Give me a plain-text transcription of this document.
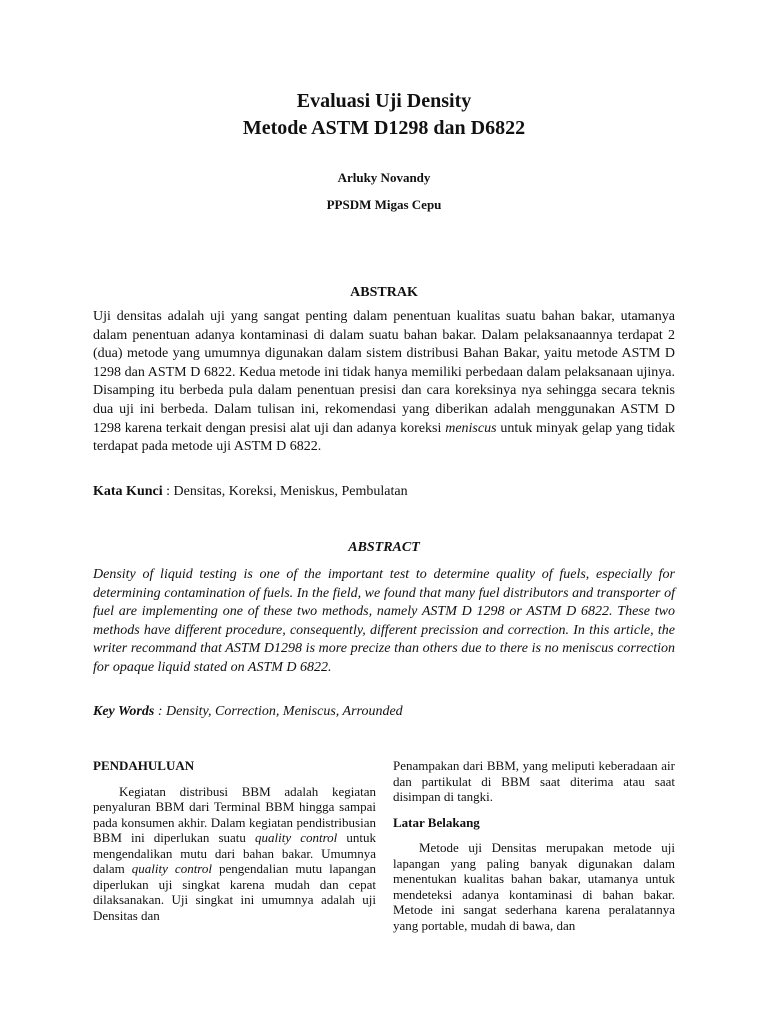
Evaluasi Uji Density
Metode ASTM D1298 dan D6822
Arluky Novandy
PPSDM Migas Cepu
ABSTRAK

Uji densitas adalah uji yang sangat penting dalam penentuan kualitas suatu bahan bakar, utamanya dalam penentuan adanya kontaminasi di dalam suatu bahan bakar. Dalam pelaksanaannya terdapat 2 (dua) metode yang umumnya digunakan dalam sistem distribusi Bahan Bakar, yaitu metode ASTM D 1298 dan ASTM D 6822. Kedua metode ini tidak hanya memiliki perbedaan dalam pelaksanaan ujinya. Disamping itu berbeda pula dalam penentuan presisi dan cara koreksinya nya sehingga secara teknis dua uji ini berbeda. Dalam tulisan ini, rekomendasi yang diberikan adalah menggunakan ASTM D 1298 karena terkait dengan presisi alat uji dan adanya koreksi meniscus untuk minyak gelap yang tidak terdapat pada metode uji ASTM D 6822.

Kata Kunci : Densitas, Koreksi, Meniskus, Pembulatan

ABSTRACT

Density of liquid testing is one of the important test to determine quality of fuels, especially for determining contamination of fuels. In the field, we found that many fuel distributors and transporter of fuel are implementing one of these two methods, namely ASTM D 1298 or ASTM D 6822. These two methods have different procedure, consequently, different precission and correction. In this article, the writer recommand that ASTM D1298 is more precize than others due to there is no meniscus correction for opaque liquid stated on ASTM D 6822.

Key Words : Density, Correction, Meniscus, Arrounded

PENDAHULUAN

Kegiatan distribusi BBM adalah kegiatan penyaluran BBM dari Terminal BBM hingga sampai pada konsumen akhir. Dalam kegiatan pendistribusian BBM ini diperlukan suatu quality control untuk mengendalikan mutu dari bahan bakar. Umumnya dalam quality control pengendalian mutu lapangan diperlukan uji singkat karena mudah dan cepat dilaksanakan. Uji singkat ini umumnya adalah uji Densitas dan

Penampakan dari BBM, yang meliputi keberadaan air dan partikulat di BBM saat diterima atau saat disimpan di tangki.

Latar Belakang

Metode uji Densitas merupakan metode uji lapangan yang paling banyak digunakan dalam menentukan kualitas bahan bakar, utamanya untuk mendeteksi adanya kontaminasi di bahan bakar. Metode ini sangat sederhana karena peralatannya yang portable, mudah di bawa, dan
